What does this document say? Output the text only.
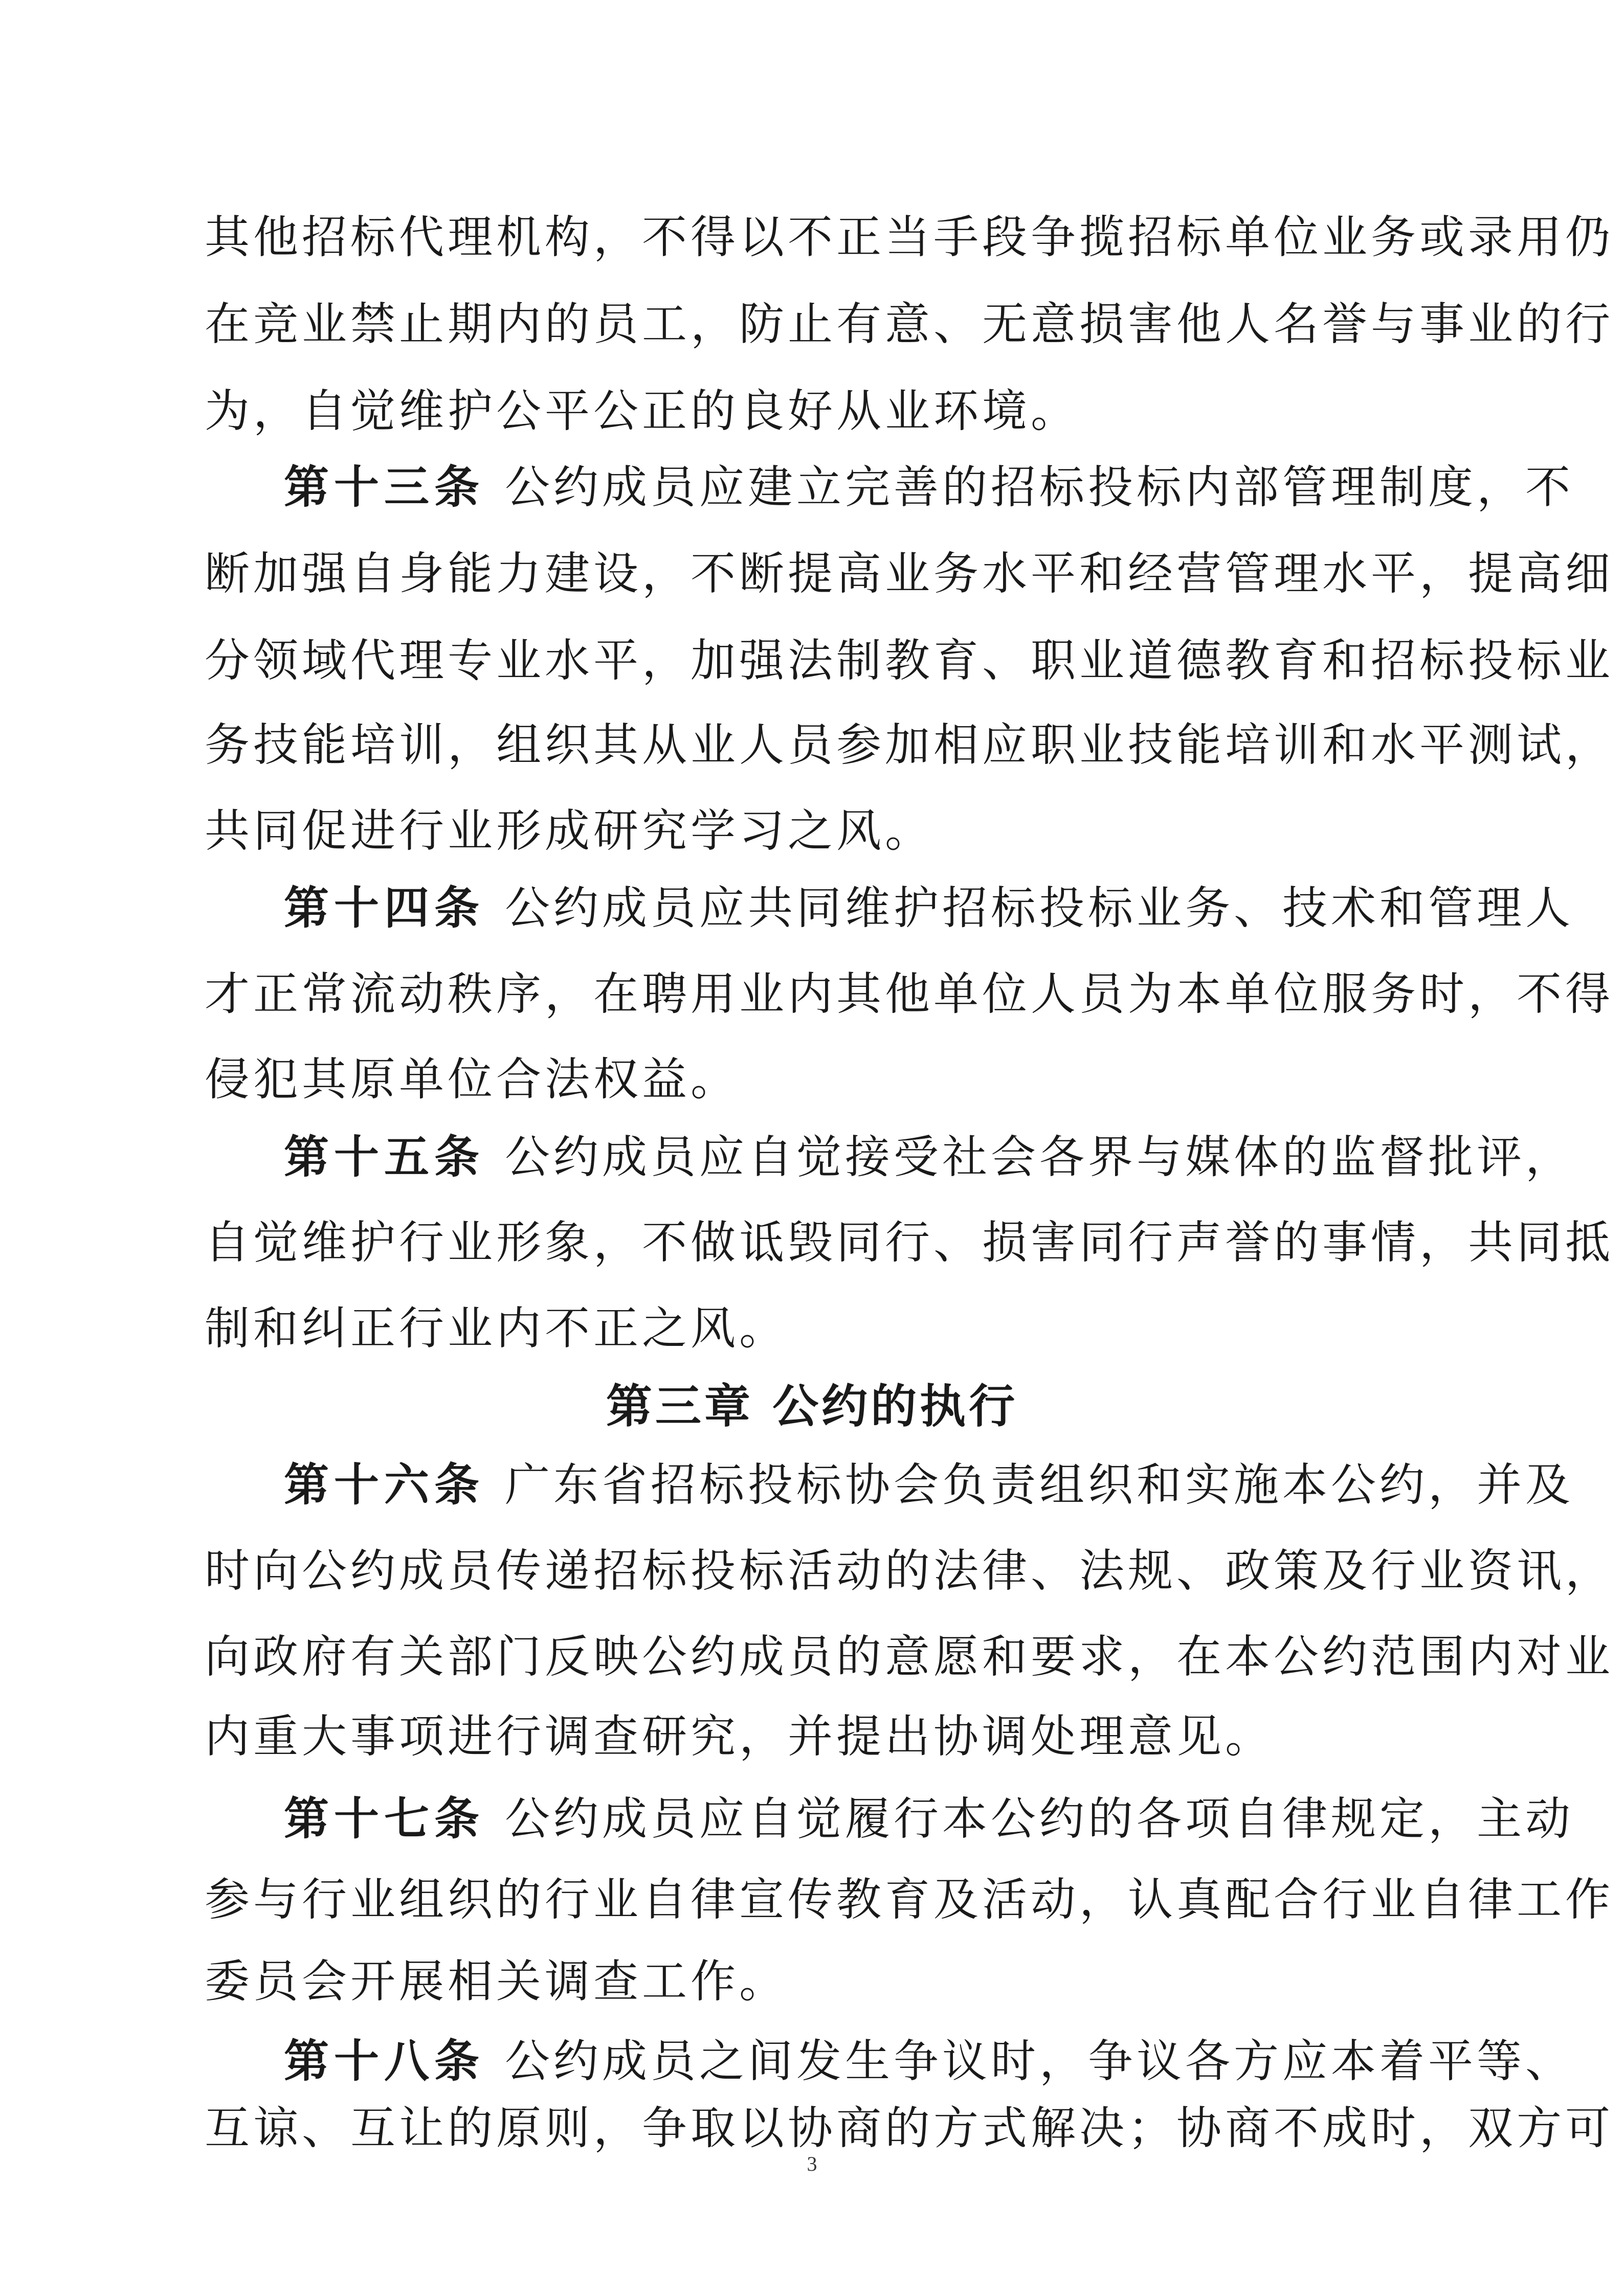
其他招标代理机构，不得以不正当手段争揽招标单位业务或录用仍
在竞业禁止期内的员工，防止有意、无意损害他人名誉与事业的行
为，自觉维护公平公正的良好从业环境。
第十三条 公约成员应建立完善的招标投标内部管理制度，不
断加强自身能力建设，不断提高业务水平和经营管理水平，提高细
分领域代理专业水平，加强法制教育、职业道德教育和招标投标业
务技能培训，组织其从业人员参加相应职业技能培训和水平测试，
共同促进行业形成研究学习之风。
第十四条 公约成员应共同维护招标投标业务、技术和管理人
才正常流动秩序，在聘用业内其他单位人员为本单位服务时，不得
侵犯其原单位合法权益。
第十五条 公约成员应自觉接受社会各界与媒体的监督批评，
自觉维护行业形象，不做诋毁同行、损害同行声誉的事情，共同抵
制和纠正行业内不正之风。
第三章 公约的执行
第十六条 广东省招标投标协会负责组织和实施本公约，并及
时向公约成员传递招标投标活动的法律、法规、政策及行业资讯，
向政府有关部门反映公约成员的意愿和要求，在本公约范围内对业
内重大事项进行调查研究，并提出协调处理意见。
第十七条 公约成员应自觉履行本公约的各项自律规定，主动
参与行业组织的行业自律宣传教育及活动，认真配合行业自律工作
委员会开展相关调查工作。
第十八条 公约成员之间发生争议时，争议各方应本着平等、
互谅、互让的原则，争取以协商的方式解决；协商不成时，双方可
3
